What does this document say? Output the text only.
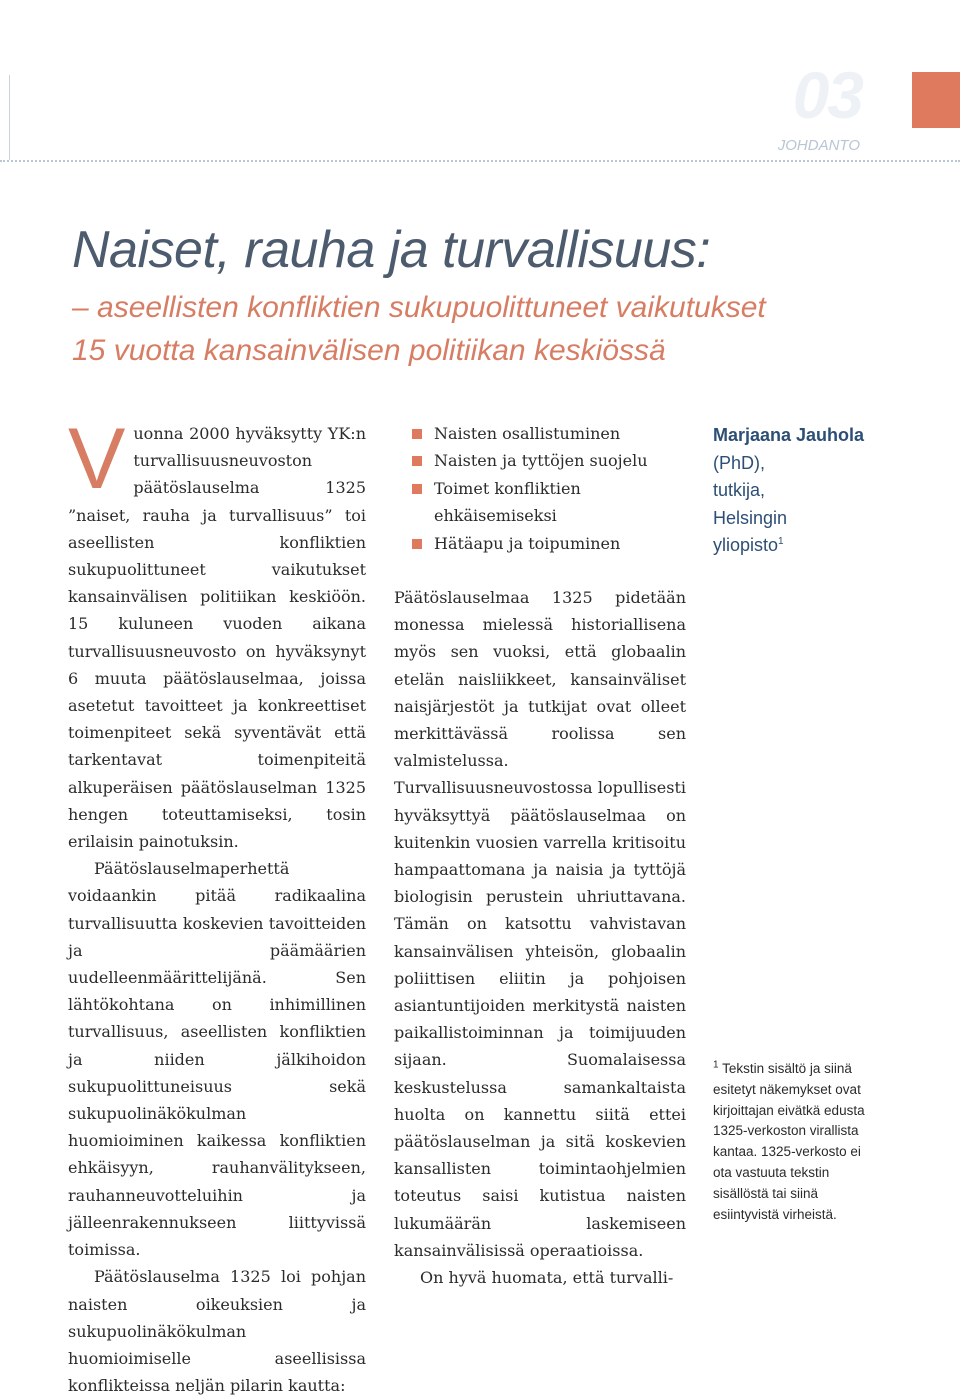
03
JOHDANTO
Naiset, rauha ja turvallisuus:
– aseellisten konfliktien sukupuolittuneet vaikutukset
15 vuotta kansainvälisen politiikan keskiössä

Vuonna 2000 hyväksytty YK:n turvallisuusneuvoston päätöslauselma 1325 ”naiset, rauha ja turvallisuus” toi aseellisten konfliktien sukupuolittuneet vaikutukset kansainvälisen politiikan keskiöön. 15 kuluneen vuoden aikana turvallisuusneuvosto on hyväksynyt 6 muuta päätöslauselmaa, joissa asetetut tavoitteet ja konkreettiset toimenpiteet sekä syventävät että tarkentavat toimenpiteitä alkuperäisen päätöslauselman 1325 hengen toteuttamiseksi, tosin erilaisin painotuksin.

Päätöslauselmaperhettä voidaankin pitää radikaalina turvallisuutta koskevien tavoitteiden ja päämäärien uudelleenmäärittelijänä. Sen lähtökohtana on inhimillinen turvallisuus, aseellisten konfliktien ja niiden jälkihoidon sukupuolittuneisuus sekä sukupuolinäkökulman huomioiminen kaikessa konfliktien ehkäisyyn, rauhanvälitykseen, rauhanneuvotteluihin ja jälleenrakennukseen liittyvissä toimissa.

Päätöslauselma 1325 loi pohjan naisten oikeuksien ja sukupuolinäkökulman huomioimiselle aseellisissa konflikteissa neljän pilarin kautta:

Naisten osallistuminen
Naisten ja tyttöjen suojelu
Toimet konfliktien ehkäisemiseksi
Hätäapu ja toipuminen

Päätöslauselmaa 1325 pidetään monessa mielessä historiallisena myös sen vuoksi, että globaalin etelän naisliikkeet, kansainväliset naisjärjestöt ja tutkijat ovat olleet merkittävässä roolissa sen valmistelussa. Turvallisuusneuvostossa lopullisesti hyväksyttyä päätöslauselmaa on kuitenkin vuosien varrella kritisoitu hampaattomana ja naisia ja tyttöjä biologisin perustein uhriuttavana. Tämän on katsottu vahvistavan kansainvälisen yhteisön, globaalin poliittisen eliitin ja pohjoisen asiantuntijoiden merkitystä naisten paikallistoiminnan ja toimijuuden sijaan. Suomalaisessa keskustelussa samankaltaista huolta on kannettu siitä ettei päätöslauselman ja sitä koskevien kansallisten toimintaohjelmien toteutus saisi kutistua naisten lukumäärän laskemiseen kansainvälisissä operaatioissa.

On hyvä huomata, että turvalli-

Marjaana Jauhola (PhD),
tutkija,
Helsingin
yliopisto$^1$
$^1$ Tekstin sisältö ja siinä esitetyt näkemykset ovat kirjoittajan eivätkä edusta 1325-verkoston virallista kantaa. 1325-verkosto ei ota vastuuta tekstin sisällöstä tai siinä esiintyvistä virheistä.
